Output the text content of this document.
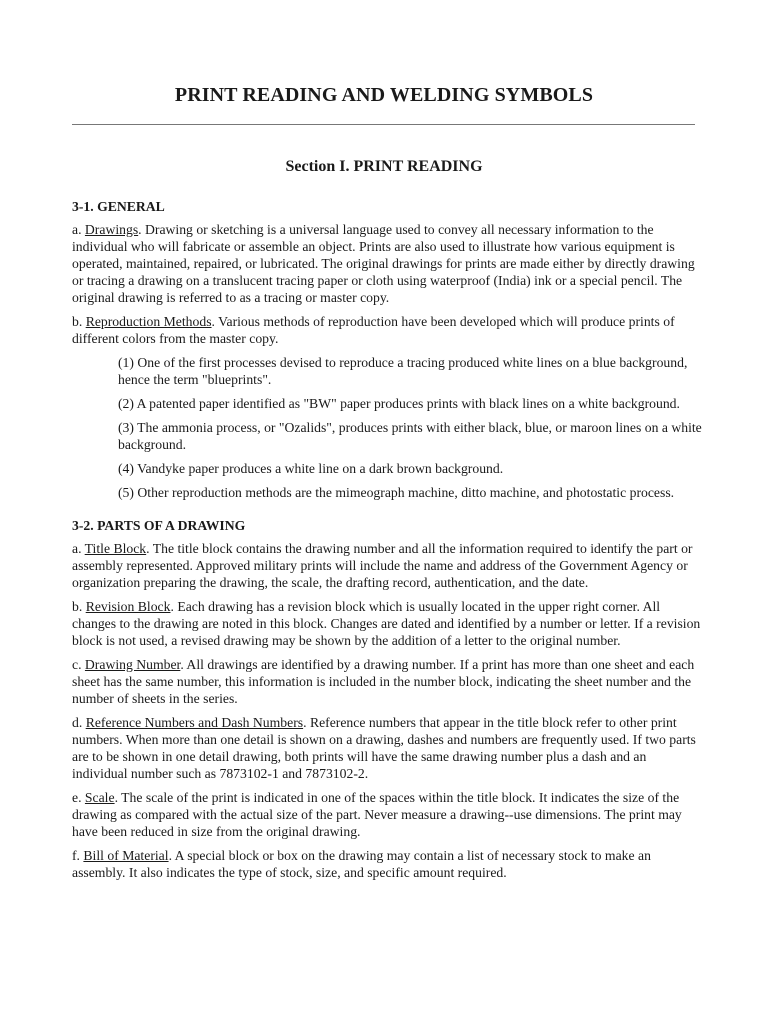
PRINT READING AND WELDING SYMBOLS
Section I. PRINT READING
3-1. GENERAL

a. Drawings. Drawing or sketching is a universal language used to convey all necessary information to the individual who will fabricate or assemble an object. Prints are also used to illustrate how various equipment is operated, maintained, repaired, or lubricated. The original drawings for prints are made either by directly drawing or tracing a drawing on a translucent tracing paper or cloth using waterproof (India) ink or a special pencil. The original drawing is referred to as a tracing or master copy.

b. Reproduction Methods. Various methods of reproduction have been developed which will produce prints of different colors from the master copy.

(1) One of the first processes devised to reproduce a tracing produced white lines on a blue background, hence the term "blueprints".

(2) A patented paper identified as "BW" paper produces prints with black lines on a white background.

(3) The ammonia process, or "Ozalids", produces prints with either black, blue, or maroon lines on a white background.

(4) Vandyke paper produces a white line on a dark brown background.

(5) Other reproduction methods are the mimeograph machine, ditto machine, and photostatic process.

3-2. PARTS OF A DRAWING

a. Title Block. The title block contains the drawing number and all the information required to identify the part or assembly represented. Approved military prints will include the name and address of the Government Agency or organization preparing the drawing, the scale, the drafting record, authentication, and the date.

b. Revision Block. Each drawing has a revision block which is usually located in the upper right corner. All changes to the drawing are noted in this block. Changes are dated and identified by a number or letter. If a revision block is not used, a revised drawing may be shown by the addition of a letter to the original number.

c. Drawing Number. All drawings are identified by a drawing number. If a print has more than one sheet and each sheet has the same number, this information is included in the number block, indicating the sheet number and the number of sheets in the series.

d. Reference Numbers and Dash Numbers. Reference numbers that appear in the title block refer to other print numbers. When more than one detail is shown on a drawing, dashes and numbers are frequently used. If two parts are to be shown in one detail drawing, both prints will have the same drawing number plus a dash and an individual number such as 7873102-1 and 7873102-2.

e. Scale. The scale of the print is indicated in one of the spaces within the title block. It indicates the size of the drawing as compared with the actual size of the part. Never measure a drawing--use dimensions. The print may have been reduced in size from the original drawing.

f. Bill of Material. A special block or box on the drawing may contain a list of necessary stock to make an assembly. It also indicates the type of stock, size, and specific amount required.
